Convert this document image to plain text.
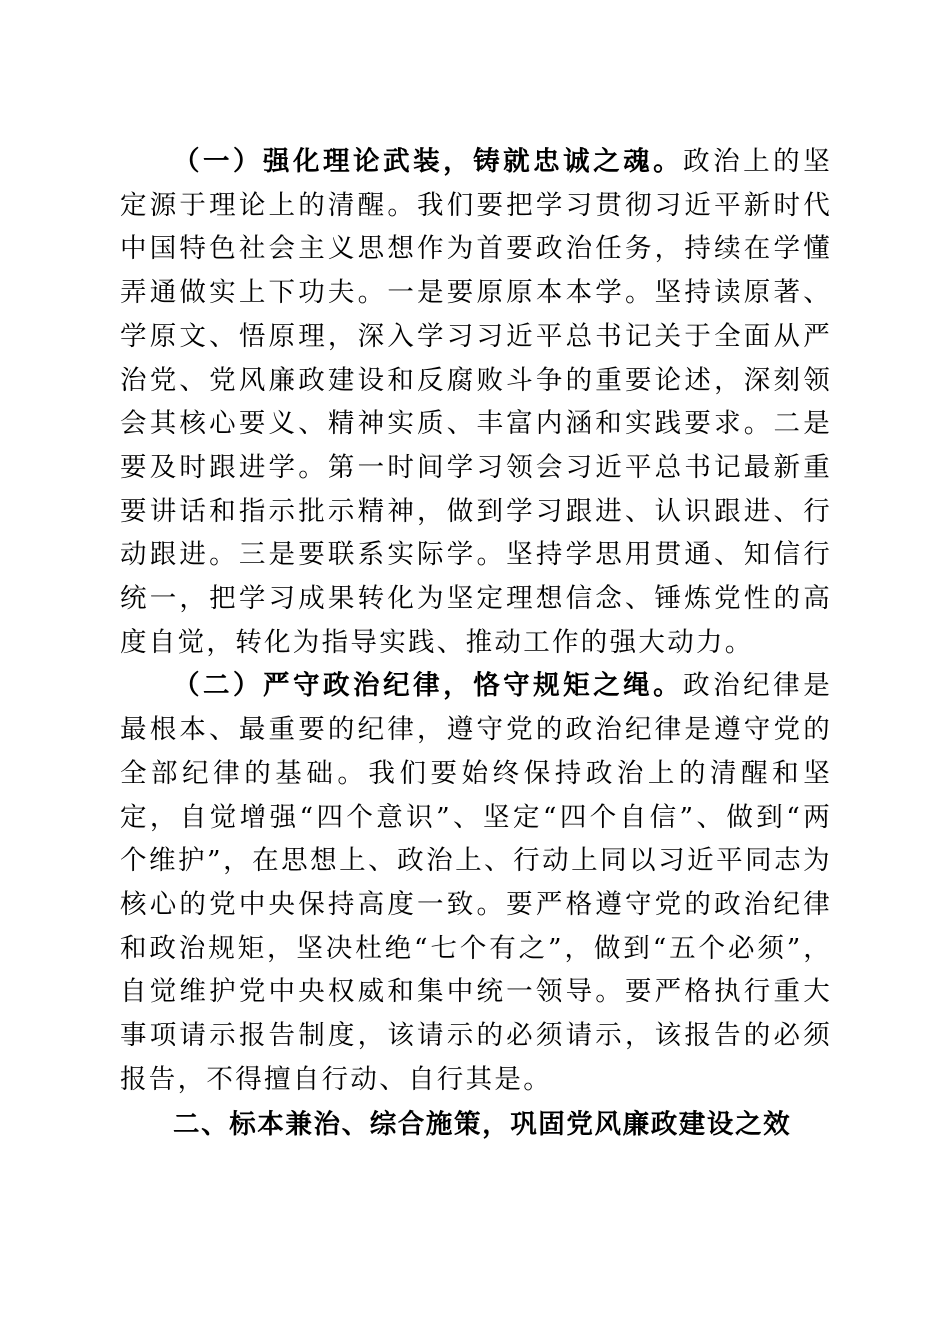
（一）强化理论武装，铸就忠诚之魂。政治上的坚定源于理论上的清醒。我们要把学习贯彻习近平新时代中国特色社会主义思想作为首要政治任务，持续在学懂弄通做实上下功夫。一是要原原本本学。坚持读原著、学原文、悟原理，深入学习习近平总书记关于全面从严治党、党风廉政建设和反腐败斗争的重要论述，深刻领会其核心要义、精神实质、丰富内涵和实践要求。二是要及时跟进学。第一时间学习领会习近平总书记最新重要讲话和指示批示精神，做到学习跟进、认识跟进、行动跟进。三是要联系实际学。坚持学思用贯通、知信行统一，把学习成果转化为坚定理想信念、锤炼党性的高度自觉，转化为指导实践、推动工作的强大动力。

（二）严守政治纪律，恪守规矩之绳。政治纪律是最根本、最重要的纪律，遵守党的政治纪律是遵守党的全部纪律的基础。我们要始终保持政治上的清醒和坚定，自觉增强“四个意识”、坚定“四个自信”、做到“两个维护”，在思想上、政治上、行动上同以习近平同志为核心的党中央保持高度一致。要严格遵守党的政治纪律和政治规矩，坚决杜绝“七个有之”，做到“五个必须”，自觉维护党中央权威和集中统一领导。要严格执行重大事项请示报告制度，该请示的必须请示，该报告的必须报告，不得擅自行动、自行其是。

二、标本兼治、综合施策，巩固党风廉政建设之效
